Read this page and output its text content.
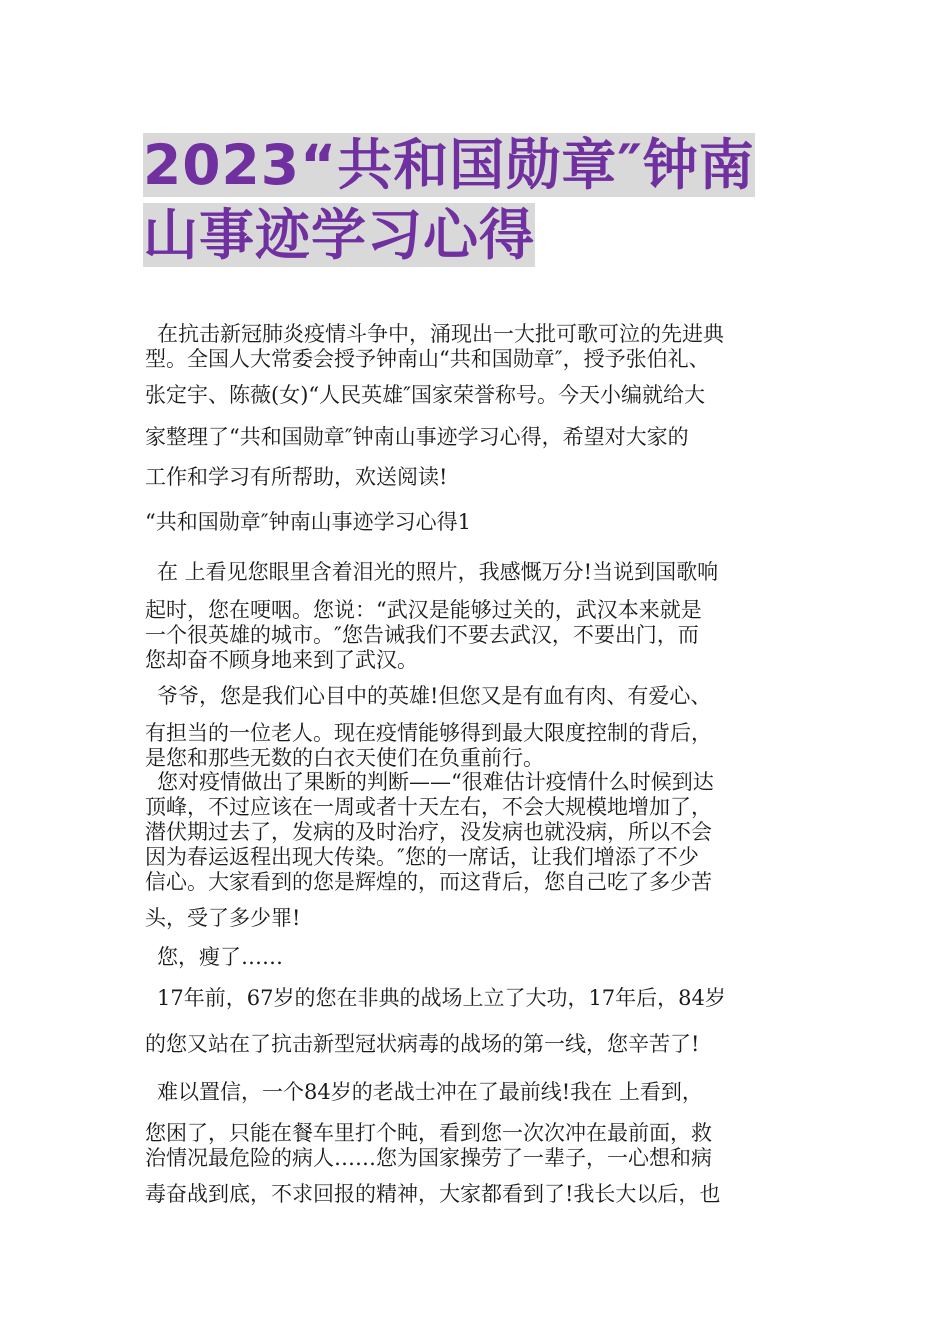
2023“共和国勋章″钟南
山事迹学习心得
在抗击新冠肺炎疫情斗争中，涌现出一大批可歌可泣的先进典
型。全国人大常委会授予钟南山“共和国勋章″，授予张伯礼、
张定宇、陈薇(女)“人民英雄″国家荣誉称号。今天小编就给大
家整理了“共和国勋章″钟南山事迹学习心得，希望对大家的
工作和学习有所帮助，欢送阅读!
“共和国勋章″钟南山事迹学习心得1
在 上看见您眼里含着泪光的照片，我感慨万分!当说到国歌响
起时，您在哽咽。您说：“武汉是能够过关的，武汉本来就是
一个很英雄的城市。″您告诫我们不要去武汉，不要出门，而
您却奋不顾身地来到了武汉。
爷爷，您是我们心目中的英雄!但您又是有血有肉、有爱心、
有担当的一位老人。现在疫情能够得到最大限度控制的背后，
是您和那些无数的白衣天使们在负重前行。
您对疫情做出了果断的判断——“很难估计疫情什么时候到达
顶峰，不过应该在一周或者十天左右，不会大规模地增加了，
潜伏期过去了，发病的及时治疗，没发病也就没病，所以不会
因为春运返程出现大传染。″您的一席话，让我们增添了不少
信心。大家看到的您是辉煌的，而这背后，您自己吃了多少苦
头，受了多少罪!
您，瘦了……
17年前，67岁的您在非典的战场上立了大功，17年后，84岁
的您又站在了抗击新型冠状病毒的战场的第一线，您辛苦了!
难以置信，一个84岁的老战士冲在了最前线!我在 上看到，
您困了，只能在餐车里打个盹，看到您一次次冲在最前面，救
治情况最危险的病人……您为国家操劳了一辈子，一心想和病
毒奋战到底，不求回报的精神，大家都看到了!我长大以后，也
